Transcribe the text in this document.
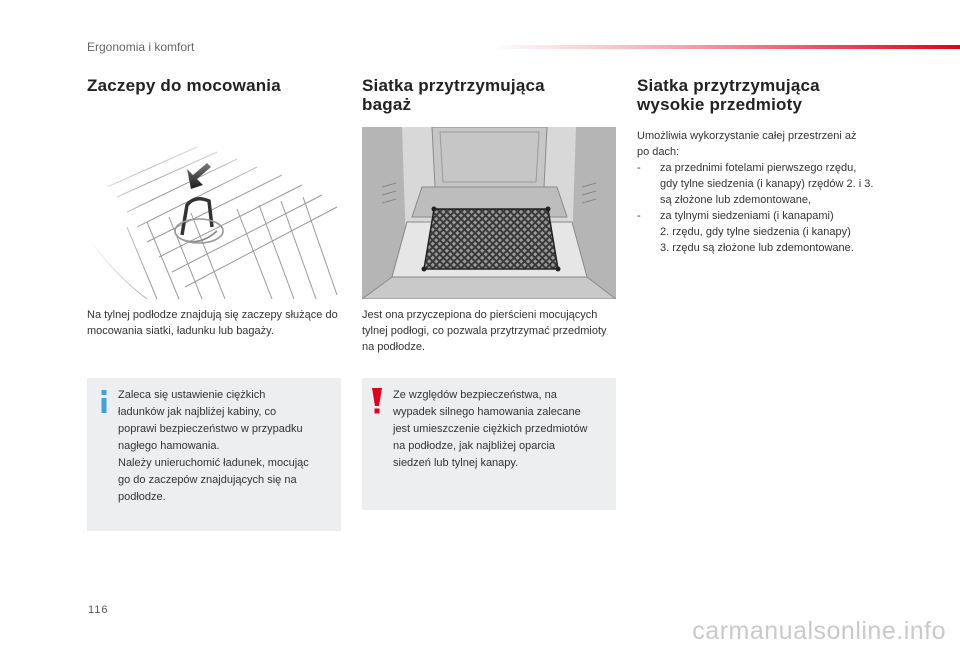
Ergonomia i komfort
Zaczepy do mocowania
Na tylnej podłodze znajdują się zaczepy służące do mocowania siatki, ładunku lub bagaży.
Zaleca się ustawienie ciężkich
ładunków jak najbliżej kabiny, co
poprawi bezpieczeństwo w przypadku
nagłego hamowania.
Należy unieruchomić ładunek, mocując
go do zaczepów znajdujących się na
podłodze.
Siatka przytrzymująca
bagaż
Jest ona przyczepiona do pierścieni mocujących tylnej podłogi, co pozwala przytrzymać przedmioty na podłodze.
Ze względów bezpieczeństwa, na
wypadek silnego hamowania zalecane
jest umieszczenie ciężkich przedmiotów
na podłodze, jak najbliżej oparcia
siedzeń lub tylnej kanapy.
Siatka przytrzymująca
wysokie przedmioty
Umożliwia wykorzystanie całej przestrzeni aż
po dach:
- za przednimi fotelami pierwszego rzędu,
gdy tylne siedzenia (i kanapy) rzędów 2. i 3.
są złożone lub zdemontowane,
- za tylnymi siedzeniami (i kanapami)
2. rzędu, gdy tylne siedzenia (i kanapy)
3. rzędu są złożone lub zdemontowane.
116
carmanualsonline.info
